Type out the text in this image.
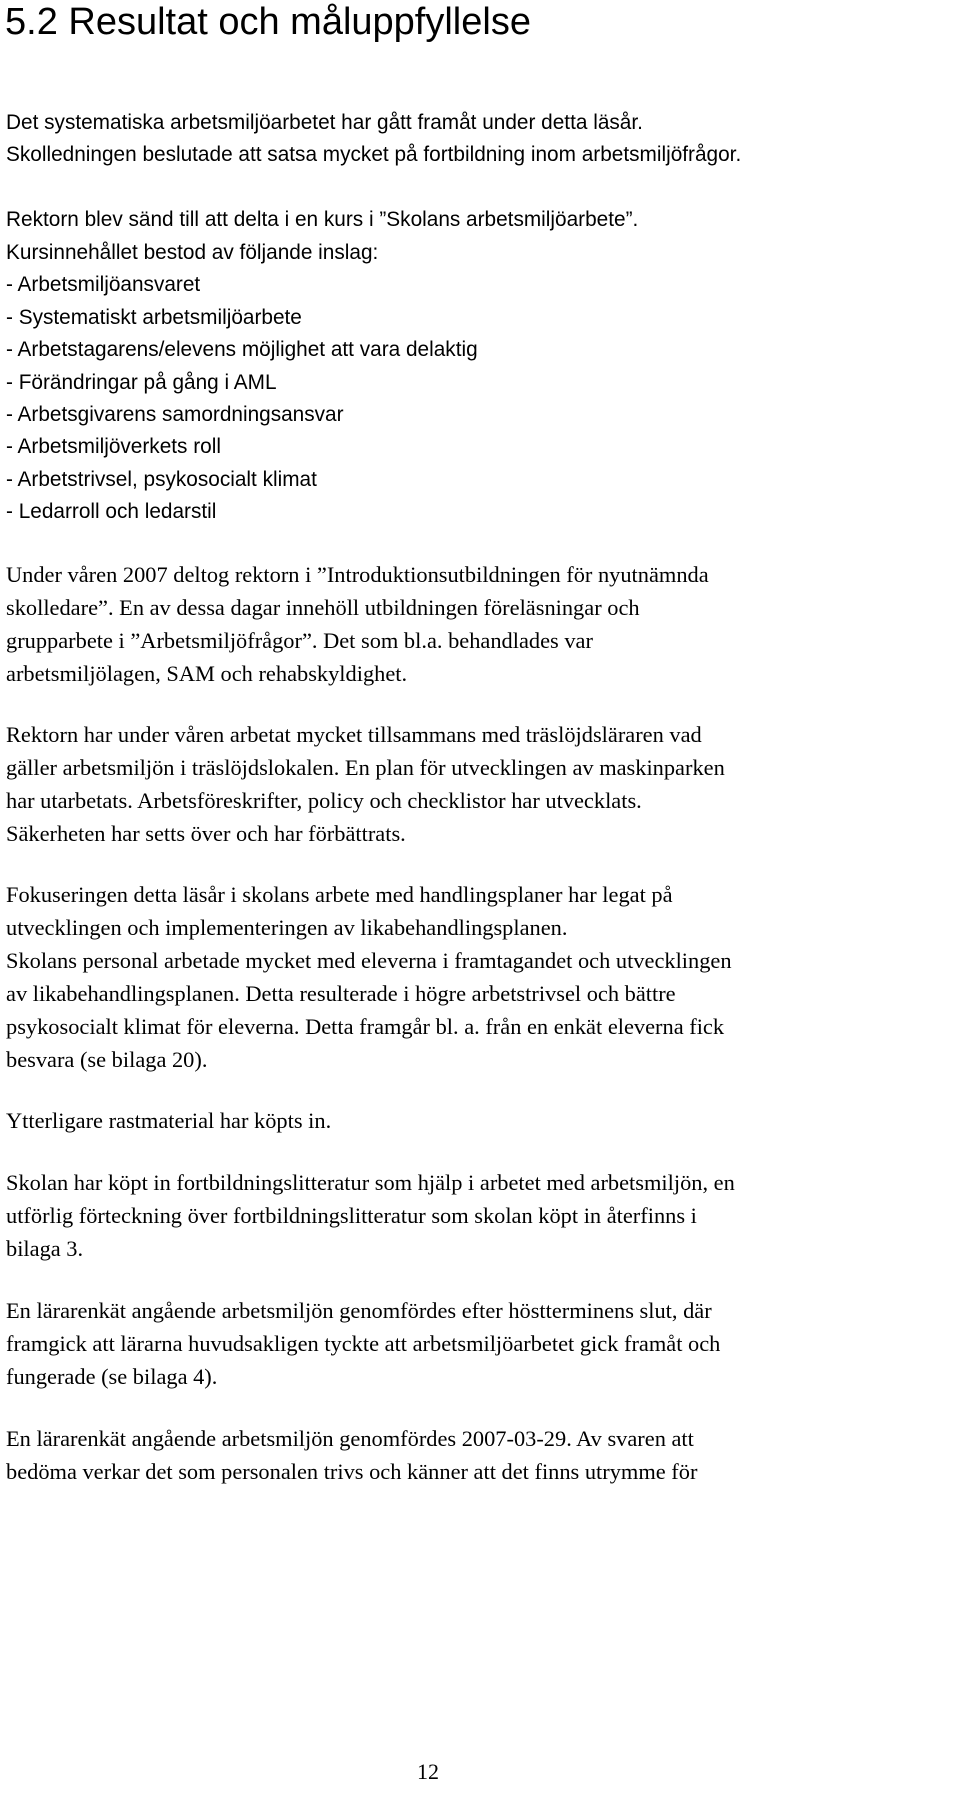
5.2 Resultat och måluppfyllelse
Det systematiska arbetsmiljöarbetet har gått framåt under detta läsår.
Skolledningen beslutade att satsa mycket på fortbildning inom arbetsmiljöfrågor.
Rektorn blev sänd till att delta i en kurs i ”Skolans arbetsmiljöarbete”.
Kursinnehållet bestod av följande inslag:
- Arbetsmiljöansvaret
- Systematiskt arbetsmiljöarbete
- Arbetstagarens/elevens möjlighet att vara delaktig
- Förändringar på gång i AML
- Arbetsgivarens samordningsansvar
- Arbetsmiljöverkets roll
- Arbetstrivsel, psykosocialt klimat
- Ledarroll och ledarstil
Under våren 2007 deltog rektorn i ”Introduktionsutbildningen för nyutnämnda
skolledare”. En av dessa dagar innehöll utbildningen föreläsningar och
grupparbete i ”Arbetsmiljöfrågor”. Det som bl.a. behandlades var
arbetsmiljölagen, SAM och rehabskyldighet.
Rektorn har under våren arbetat mycket tillsammans med träslöjdsläraren vad
gäller arbetsmiljön i träslöjdslokalen. En plan för utvecklingen av maskinparken
har utarbetats. Arbetsföreskrifter, policy och checklistor har utvecklats.
Säkerheten har setts över och har förbättrats.
Fokuseringen detta läsår i skolans arbete med handlingsplaner har legat på
utvecklingen och implementeringen av likabehandlingsplanen.
Skolans personal arbetade mycket med eleverna i framtagandet och utvecklingen
av likabehandlingsplanen. Detta resulterade i högre arbetstrivsel och bättre
psykosocialt klimat för eleverna. Detta framgår bl. a. från en enkät eleverna fick
besvara (se bilaga 20).
Ytterligare rastmaterial har köpts in.
Skolan har köpt in fortbildningslitteratur som hjälp i arbetet med arbetsmiljön, en
utförlig förteckning över fortbildningslitteratur som skolan köpt in återfinns i
bilaga 3.
En lärarenkät angående arbetsmiljön genomfördes efter höstterminens slut, där
framgick att lärarna huvudsakligen tyckte att arbetsmiljöarbetet gick framåt och
fungerade (se bilaga 4).
En lärarenkät angående arbetsmiljön genomfördes 2007-03-29. Av svaren att
bedöma verkar det som personalen trivs och känner att det finns utrymme för
12
